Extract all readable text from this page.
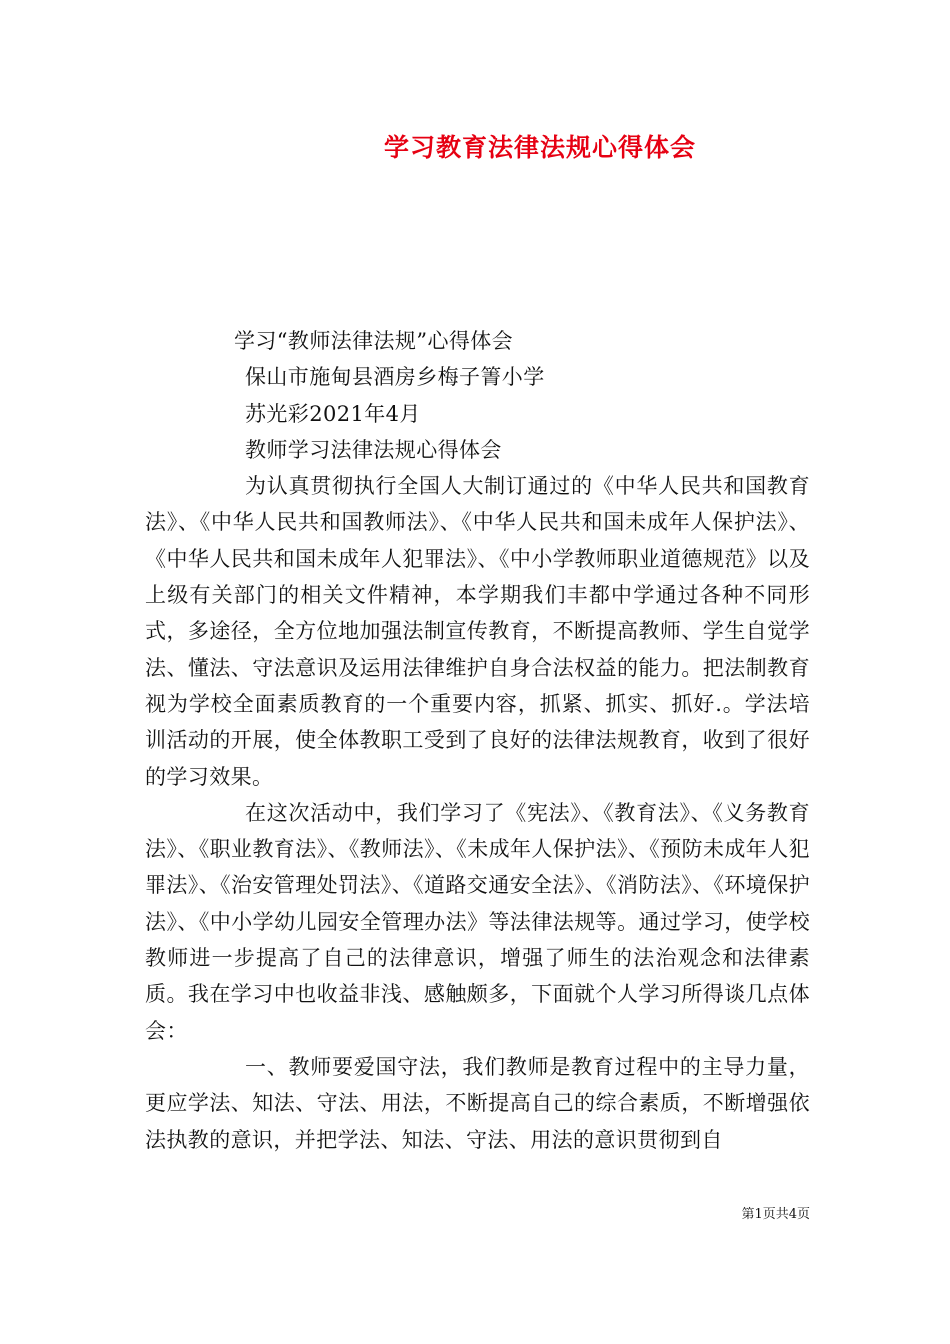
学习教育法律法规心得体会
学习“教师法律法规”心得体会
保山市施甸县酒房乡梅子箐小学
苏光彩2021年4月
教师学习法律法规心得体会

为认真贯彻执行全国人大制订通过的《中华人民共和国教育法》、《中华人民共和国教师法》、《中华人民共和国未成年人保护法》、《中华人民共和国未成年人犯罪法》、《中小学教师职业道德规范》以及上级有关部门的相关文件精神，本学期我们丰都中学通过各种不同形式，多途径，全方位地加强法制宣传教育，不断提高教师、学生自觉学法、懂法、守法意识及运用法律维护自身合法权益的能力。把法制教育视为学校全面素质教育的一个重要内容，抓紧、抓实、抓好.。学法培训活动的开展，使全体教职工受到了良好的法律法规教育，收到了很好的学习效果。

在这次活动中，我们学习了《宪法》、《教育法》、《义务教育法》、《职业教育法》、《教师法》、《未成年人保护法》、《预防未成年人犯罪法》、《治安管理处罚法》、《道路交通安全法》、《消防法》、《环境保护法》、《中小学幼儿园安全管理办法》等法律法规等。通过学习，使学校教师进一步提高了自己的法律意识，增强了师生的法治观念和法律素质。我在学习中也收益非浅、感触颇多，下面就个人学习所得谈几点体会：

一、教师要爱国守法，我们教师是教育过程中的主导力量，更应学法、知法、守法、用法，不断提高自己的综合素质，不断增强依法执教的意识，并把学法、知法、守法、用法的意识贯彻到自

第1页共4页
